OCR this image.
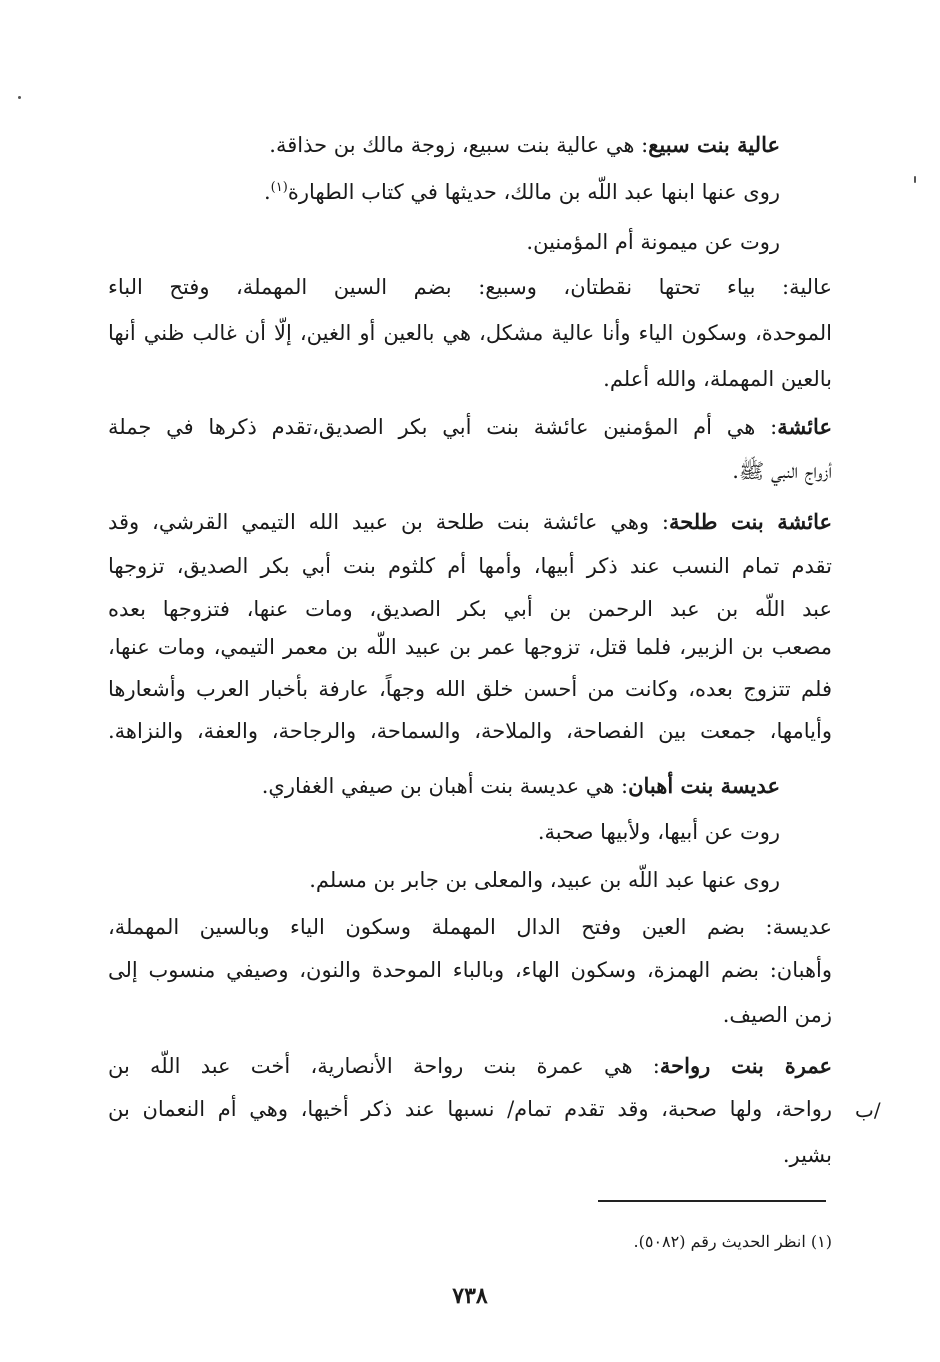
عالية بنت سبيع: هي عالية بنت سبيع، زوجة مالك بن حذاقة.
روى عنها ابنها عبد اللّه بن مالك، حديثها في كتاب الطهارة$^{(١)}$.
روت عن ميمونة أم المؤمنين.
عالية: بياء تحتها نقطتان، وسبيع: بضم السين المهملة، وفتح الباء
الموحدة، وسكون الياء وأنا عالية مشكل، هي بالعين أو الغين، إلّا أن غالب ظني أنها
بالعين المهملة، والله أعلم.
عائشة: هي أم المؤمنين عائشة بنت أبي بكر الصديق،تقدم ذكرها في جملة
أزواج النبي ﷺ.
عائشة بنت طلحة: وهي عائشة بنت طلحة بن عبيد الله التيمي القرشي، وقد
تقدم تمام النسب عند ذكر أبيها، وأمها أم كلثوم بنت أبي بكر الصديق، تزوجها
عبد اللّه بن عبد الرحمن بن أبي بكر الصديق، ومات عنها، فتزوجها بعده
مصعب بن الزبير، فلما قتل، تزوجها عمر بن عبيد اللّه بن معمر التيمي، ومات عنها،
فلم تتزوج بعده، وكانت من أحسن خلق الله وجهاً، عارفة بأخبار العرب وأشعارها
وأيامها، جمعت بين الفصاحة، والملاحة، والسماحة، والرجاحة، والعفة، والنزاهة.
عديسة بنت أهبان: هي عديسة بنت أهبان بن صيفي الغفاري.
روت عن أبيها، ولأبيها صحبة.
روى عنها عبد اللّه بن عبيد، والمعلى بن جابر بن مسلم.
عديسة: بضم العين وفتح الدال المهملة وسكون الياء وبالسين المهملة،
وأهبان: بضم الهمزة، وسكون الهاء، وبالباء الموحدة والنون، وصيفي منسوب إلى
زمن الصيف.
عمرة بنت رواحة: هي عمرة بنت رواحة الأنصارية، أخت عبد اللّه بن
رواحة، ولها صحبة، وقد تقدم تمام/ نسبها عند ذكر أخيها، وهي أم النعمان بن
بشير.
/ب
(١) انظر الحديث رقم (٥٠٨٢).
٧٣٨
